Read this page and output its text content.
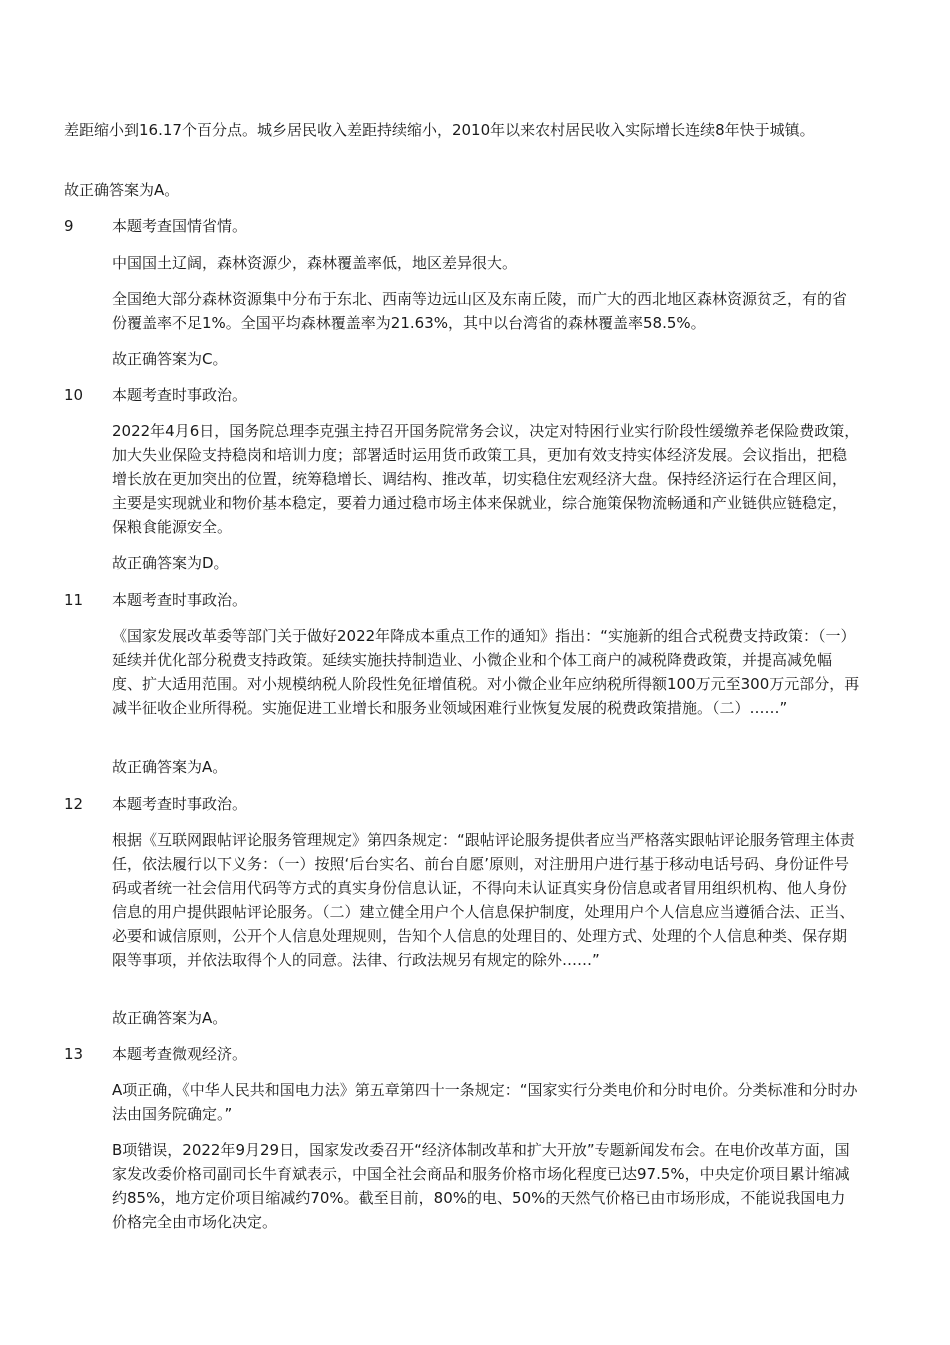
差距缩小到16.17个百分点。城乡居民收入差距持续缩小，2010年以来农村居民收入实际增长连续8年快于城镇。

故正确答案为A。

9	本题考查国情省情。

中国国土辽阔，森林资源少，森林覆盖率低，地区差异很大。

全国绝大部分森林资源集中分布于东北、西南等边远山区及东南丘陵，而广大的西北地区森林资源贫乏，有的省份覆盖率不足1%。全国平均森林覆盖率为21.63%，其中以台湾省的森林覆盖率58.5%。

故正确答案为C。

10 本题考查时事政治。

2022年4月6日，国务院总理李克强主持召开国务院常务会议，决定对特困行业实行阶段性缓缴养老保险费政策，加大失业保险支持稳岗和培训力度；部署适时运用货币政策工具，更加有效支持实体经济发展。会议指出，把稳增长放在更加突出的位置，统筹稳增长、调结构、推改革，切实稳住宏观经济大盘。保持经济运行在合理区间，主要是实现就业和物价基本稳定，要着力通过稳市场主体来保就业，综合施策保物流畅通和产业链供应链稳定，保粮食能源安全。

故正确答案为D。

11 本题考查时事政治。

《国家发展改革委等部门关于做好2022年降成本重点工作的通知》指出：“实施新的组合式税费支持政策：（一）延续并优化部分税费支持政策。延续实施扶持制造业、小微企业和个体工商户的减税降费政策，并提高减免幅度、扩大适用范围。对小规模纳税人阶段性免征增值税。对小微企业年应纳税所得额100万元至300万元部分，再减半征收企业所得税。实施促进工业增长和服务业领域困难行业恢复发展的税费政策措施。（二）……”

故正确答案为A。

12 本题考查时事政治。

根据《互联网跟帖评论服务管理规定》第四条规定：“跟帖评论服务提供者应当严格落实跟帖评论服务管理主体责任，依法履行以下义务：（一）按照‘后台实名、前台自愿’原则，对注册用户进行基于移动电话号码、身份证件号码或者统一社会信用代码等方式的真实身份信息认证，不得向未认证真实身份信息或者冒用组织机构、他人身份信息的用户提供跟帖评论服务。（二）建立健全用户个人信息保护制度，处理用户个人信息应当遵循合法、正当、必要和诚信原则，公开个人信息处理规则，告知个人信息的处理目的、处理方式、处理的个人信息种类、保存期限等事项，并依法取得个人的同意。法律、行政法规另有规定的除外……”

故正确答案为A。

13 本题考查微观经济。

A项正确，《中华人民共和国电力法》第五章第四十一条规定：“国家实行分类电价和分时电价。分类标准和分时办法由国务院确定。”

B项错误，2022年9月29日，国家发改委召开“经济体制改革和扩大开放”专题新闻发布会。在电价改革方面，国家发改委价格司副司长牛育斌表示，中国全社会商品和服务价格市场化程度已达97.5%，中央定价项目累计缩减约85%，地方定价项目缩减约70%。截至目前，80%的电、50%的天然气价格已由市场形成，不能说我国电力价格完全由市场化决定。
